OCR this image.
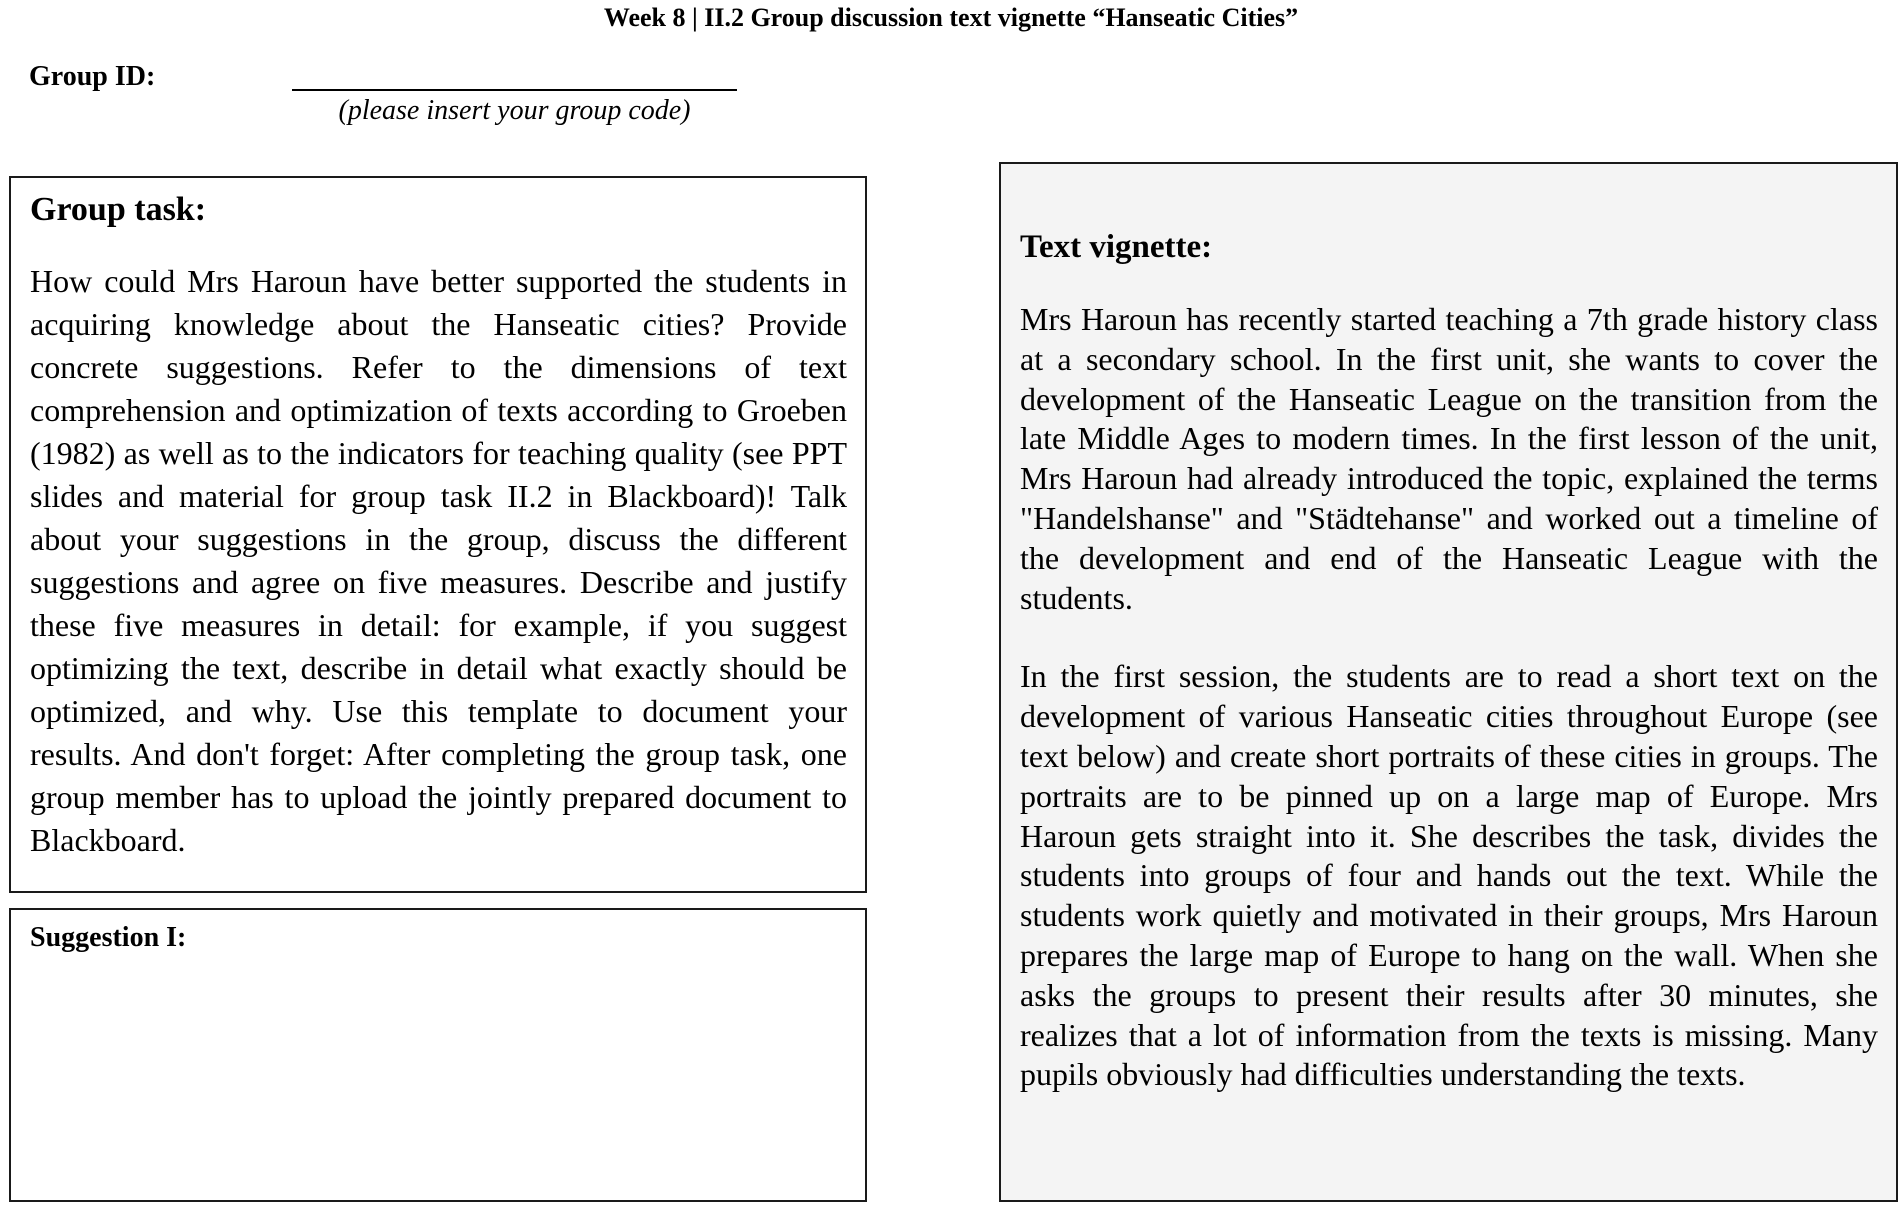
Week 8 | II.2 Group discussion text vignette “Hanseatic Cities”
Group ID:
(please insert your group code)
Group task:

How could Mrs Haroun have better supported the students in acquiring knowledge about the Hanseatic cities? Provide concrete suggestions. Refer to the dimensions of text comprehension and optimization of texts according to Groeben (1982) as well as to the indicators for teaching quality (see PPT slides and material for group task II.2 in Blackboard)! Talk about your suggestions in the group, discuss the different suggestions and agree on five measures. Describe and justify these five measures in detail: for example, if you suggest optimizing the text, describe in detail what exactly should be optimized, and why. Use this template to document your results. And don't forget: After completing the group task, one group member has to upload the jointly prepared document to Blackboard.

Suggestion I:
Text vignette:

Mrs Haroun has recently started teaching a 7th grade history class at a secondary school. In the first unit, she wants to cover the development of the Hanseatic League on the transition from the late Middle Ages to modern times. In the first lesson of the unit, Mrs Haroun had already introduced the topic, explained the terms "Handelshanse" and "Städtehanse" and worked out a timeline of the development and end of the Hanseatic League with the students.

In the first session, the students are to read a short text on the development of various Hanseatic cities throughout Europe (see text below) and create short portraits of these cities in groups. The portraits are to be pinned up on a large map of Europe. Mrs Haroun gets straight into it. She describes the task, divides the students into groups of four and hands out the text. While the students work quietly and motivated in their groups, Mrs Haroun prepares the large map of Europe to hang on the wall. When she asks the groups to present their results after 30 minutes, she realizes that a lot of information from the texts is missing. Many pupils obviously had difficulties understanding the texts.
